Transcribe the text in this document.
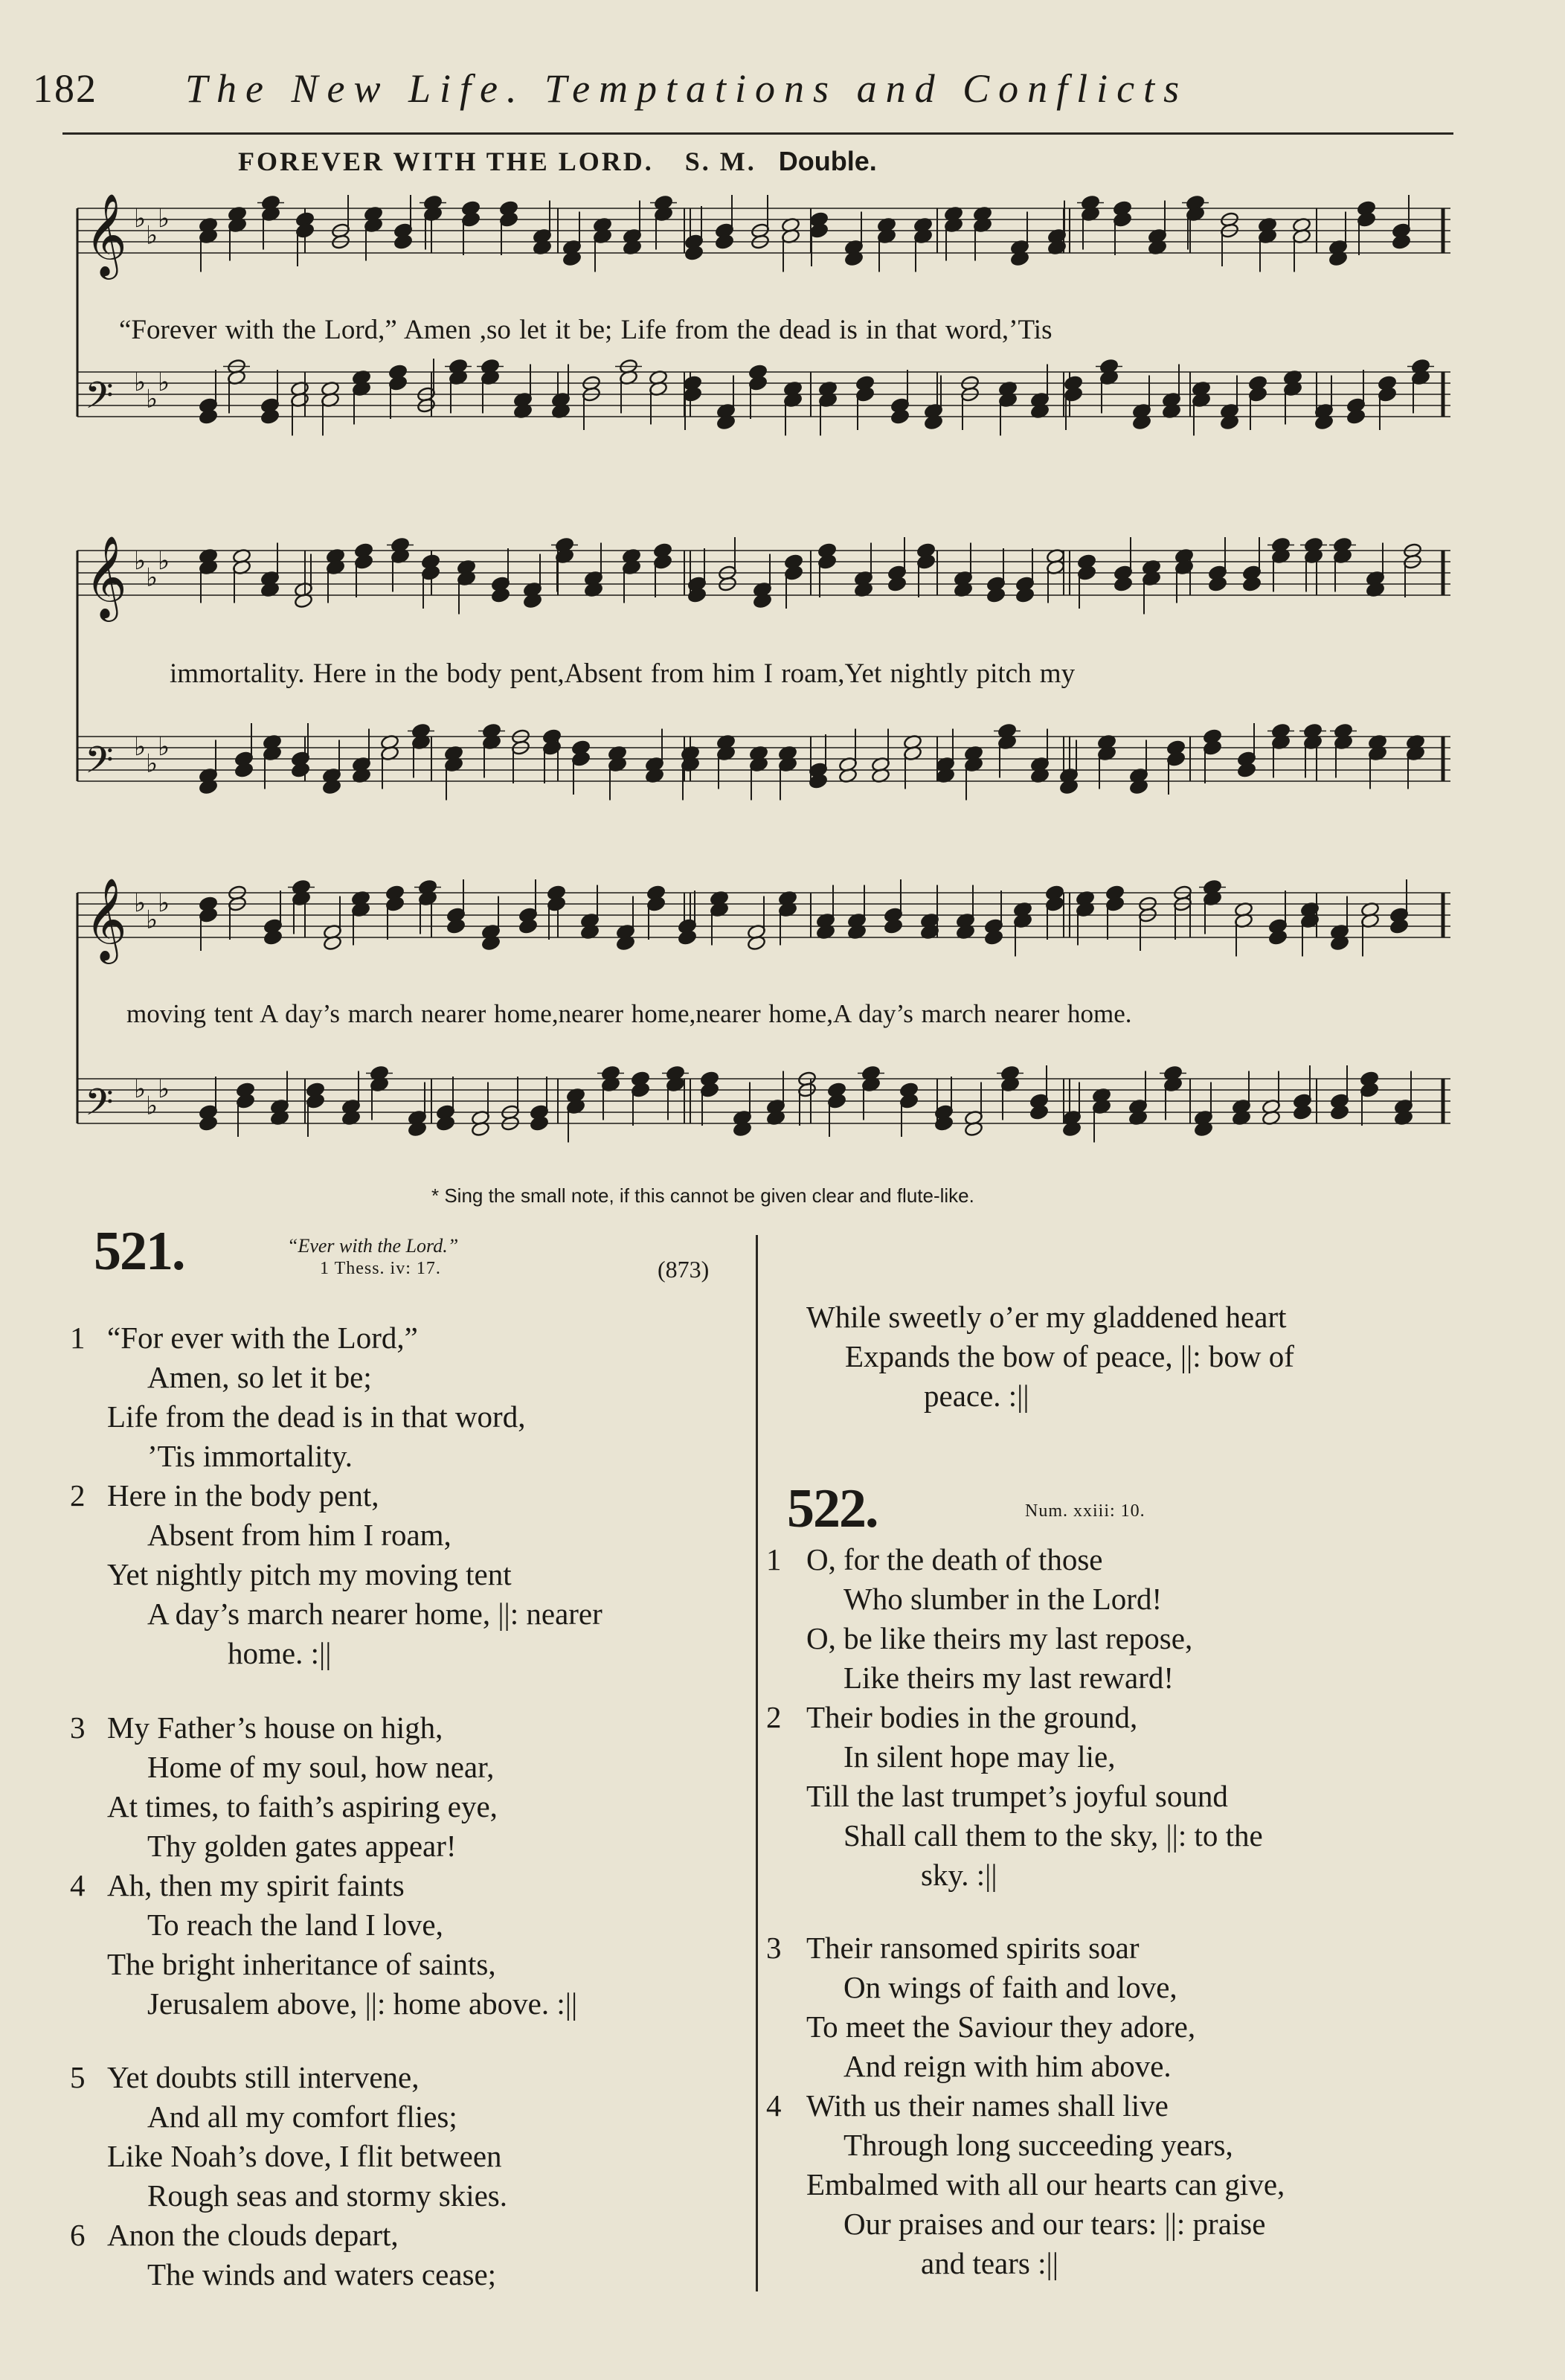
182 The New Life. Temptations and Conflicts
FOREVER WITH THE LORD. S. M. Double.
𝄞 ♭
♭
♭
𝄢 ♭
♭
♭
“Forever with the Lord,” Amen ,so let it be; Life from the dead is in that word,’Tis
𝄞 ♭
♭
♭
𝄢 ♭
♭
♭
immortality. Here in the body pent,Absent from him I roam,Yet nightly pitch my
𝄞 ♭
♭
♭
𝄢 ♭
♭
♭
moving tent A day’s march nearer home,nearer home,nearer home,A day’s march nearer home.
* Sing the small note, if this cannot be given clear and flute-like.
521.	“Ever with the Lord.”
1 Thess. iv: 17.	(873)
1 “For ever with the Lord,”
Amen, so let it be;
Life from the dead is in that word,
’Tis immortality.
2 Here in the body pent,
Absent from him I roam,
Yet nightly pitch my moving tent
A day’s march nearer home, ||: nearer
home. :||
3 My Father’s house on high,
Home of my soul, how near,
At times, to faith’s aspiring eye,
Thy golden gates appear!
4 Ah, then my spirit faints
To reach the land I love,
The bright inheritance of saints,
Jerusalem above, ||: home above. :||
5 Yet doubts still intervene,
And all my comfort flies;
Like Noah’s dove, I flit between
Rough seas and stormy skies.
6 Anon the clouds depart,
The winds and waters cease;
While sweetly o’er my gladdened heart
Expands the bow of peace, ||: bow of
peace. :||
522.	Num. xxiii: 10.
1 O, for the death of those
Who slumber in the Lord!
O, be like theirs my last repose,
Like theirs my last reward!
2 Their bodies in the ground,
In silent hope may lie,
Till the last trumpet’s joyful sound
Shall call them to the sky, ||: to the
sky. :||
3 Their ransomed spirits soar
On wings of faith and love,
To meet the Saviour they adore,
And reign with him above.
4 With us their names shall live
Through long succeeding years,
Embalmed with all our hearts can give,
Our praises and our tears: ||: praise
and tears :||
